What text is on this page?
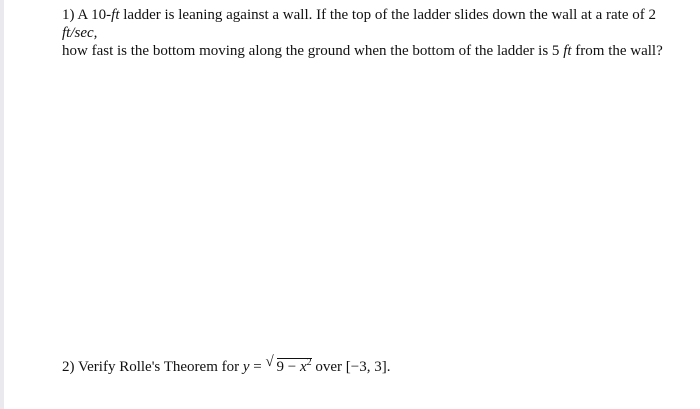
1) A 10-ft ladder is leaning against a wall. If the top of the ladder slides down the wall at a rate of 2 ft/sec,
how fast is the bottom moving along the ground when the bottom of the ladder is 5 ft from the wall?
2) Verify Rolle's Theorem for y = √ $9 - x^2$ over [−3, 3].
